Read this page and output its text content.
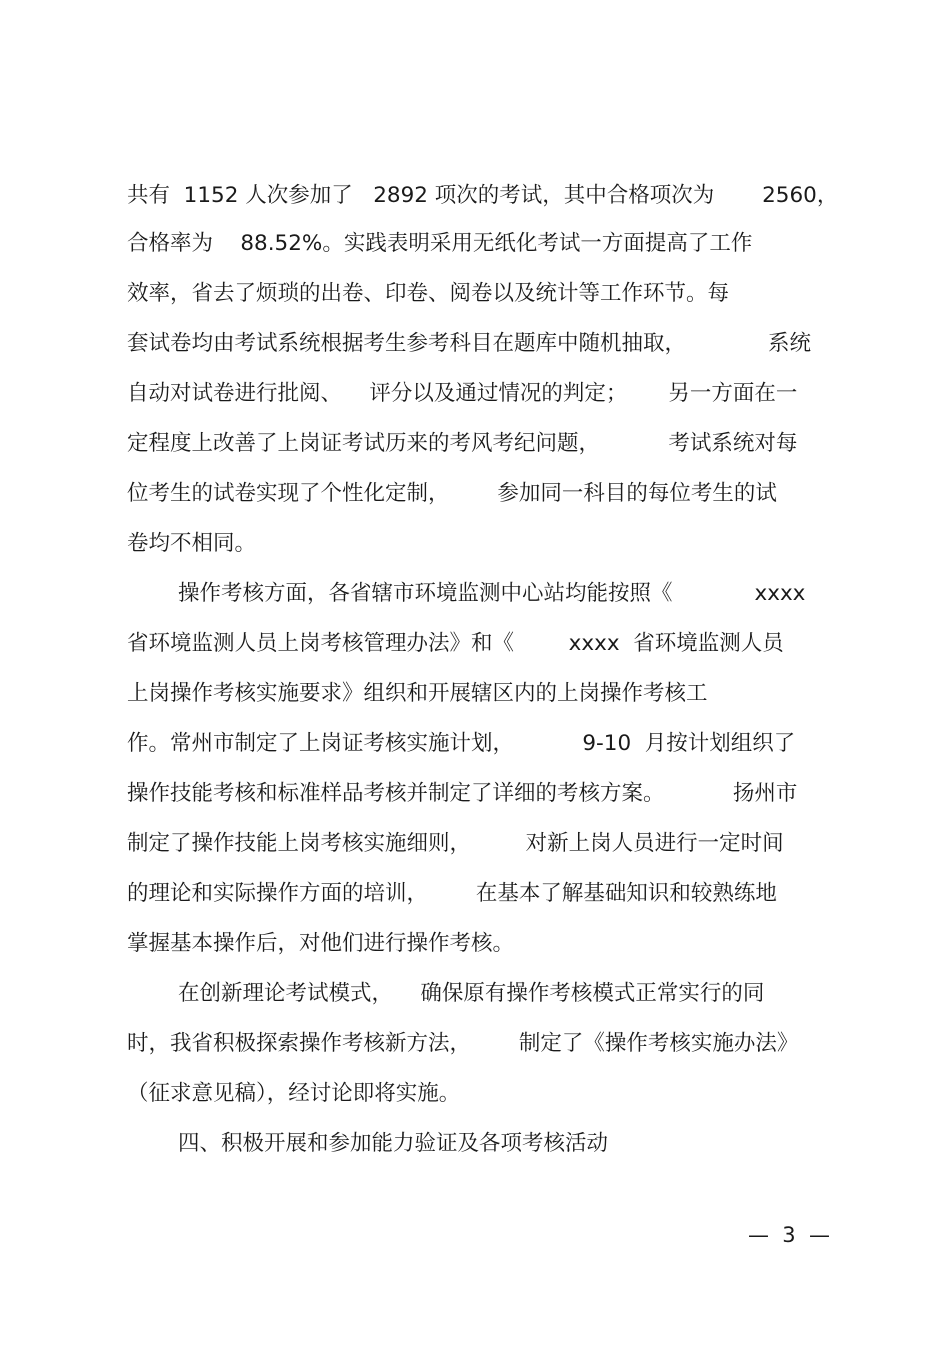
共有  1152 人次参加了   2892 项次的考试，其中合格项次为       2560，
合格率为    88.52%。实践表明采用无纸化考试一方面提高了工作
效率，省去了烦琐的出卷、印卷、阅卷以及统计等工作环节。每
套试卷均由考试系统根据考生参考科目在题库中随机抽取，            系统
自动对试卷进行批阅、    评分以及通过情况的判定；      另一方面在一
定程度上改善了上岗证考试历来的考风考纪问题，          考试系统对每
位考生的试卷实现了个性化定制，       参加同一科目的每位考生的试
卷均不相同。
操作考核方面，各省辖市环境监测中心站均能按照《            xxxx
省环境监测人员上岗考核管理办法》和《        xxxx  省环境监测人员
上岗操作考核实施要求》组织和开展辖区内的上岗操作考核工
作。常州市制定了上岗证考核实施计划，          9-10  月按计划组织了
操作技能考核和标准样品考核并制定了详细的考核方案。          扬州市
制定了操作技能上岗考核实施细则，        对新上岗人员进行一定时间
的理论和实际操作方面的培训，       在基本了解基础知识和较熟练地
掌握基本操作后，对他们进行操作考核。
在创新理论考试模式，    确保原有操作考核模式正常实行的同
时，我省积极探索操作考核新方法，       制定了《操作考核实施办法》
（征求意见稿），经讨论即将实施。
四、积极开展和参加能力验证及各项考核活动
—  3  —
